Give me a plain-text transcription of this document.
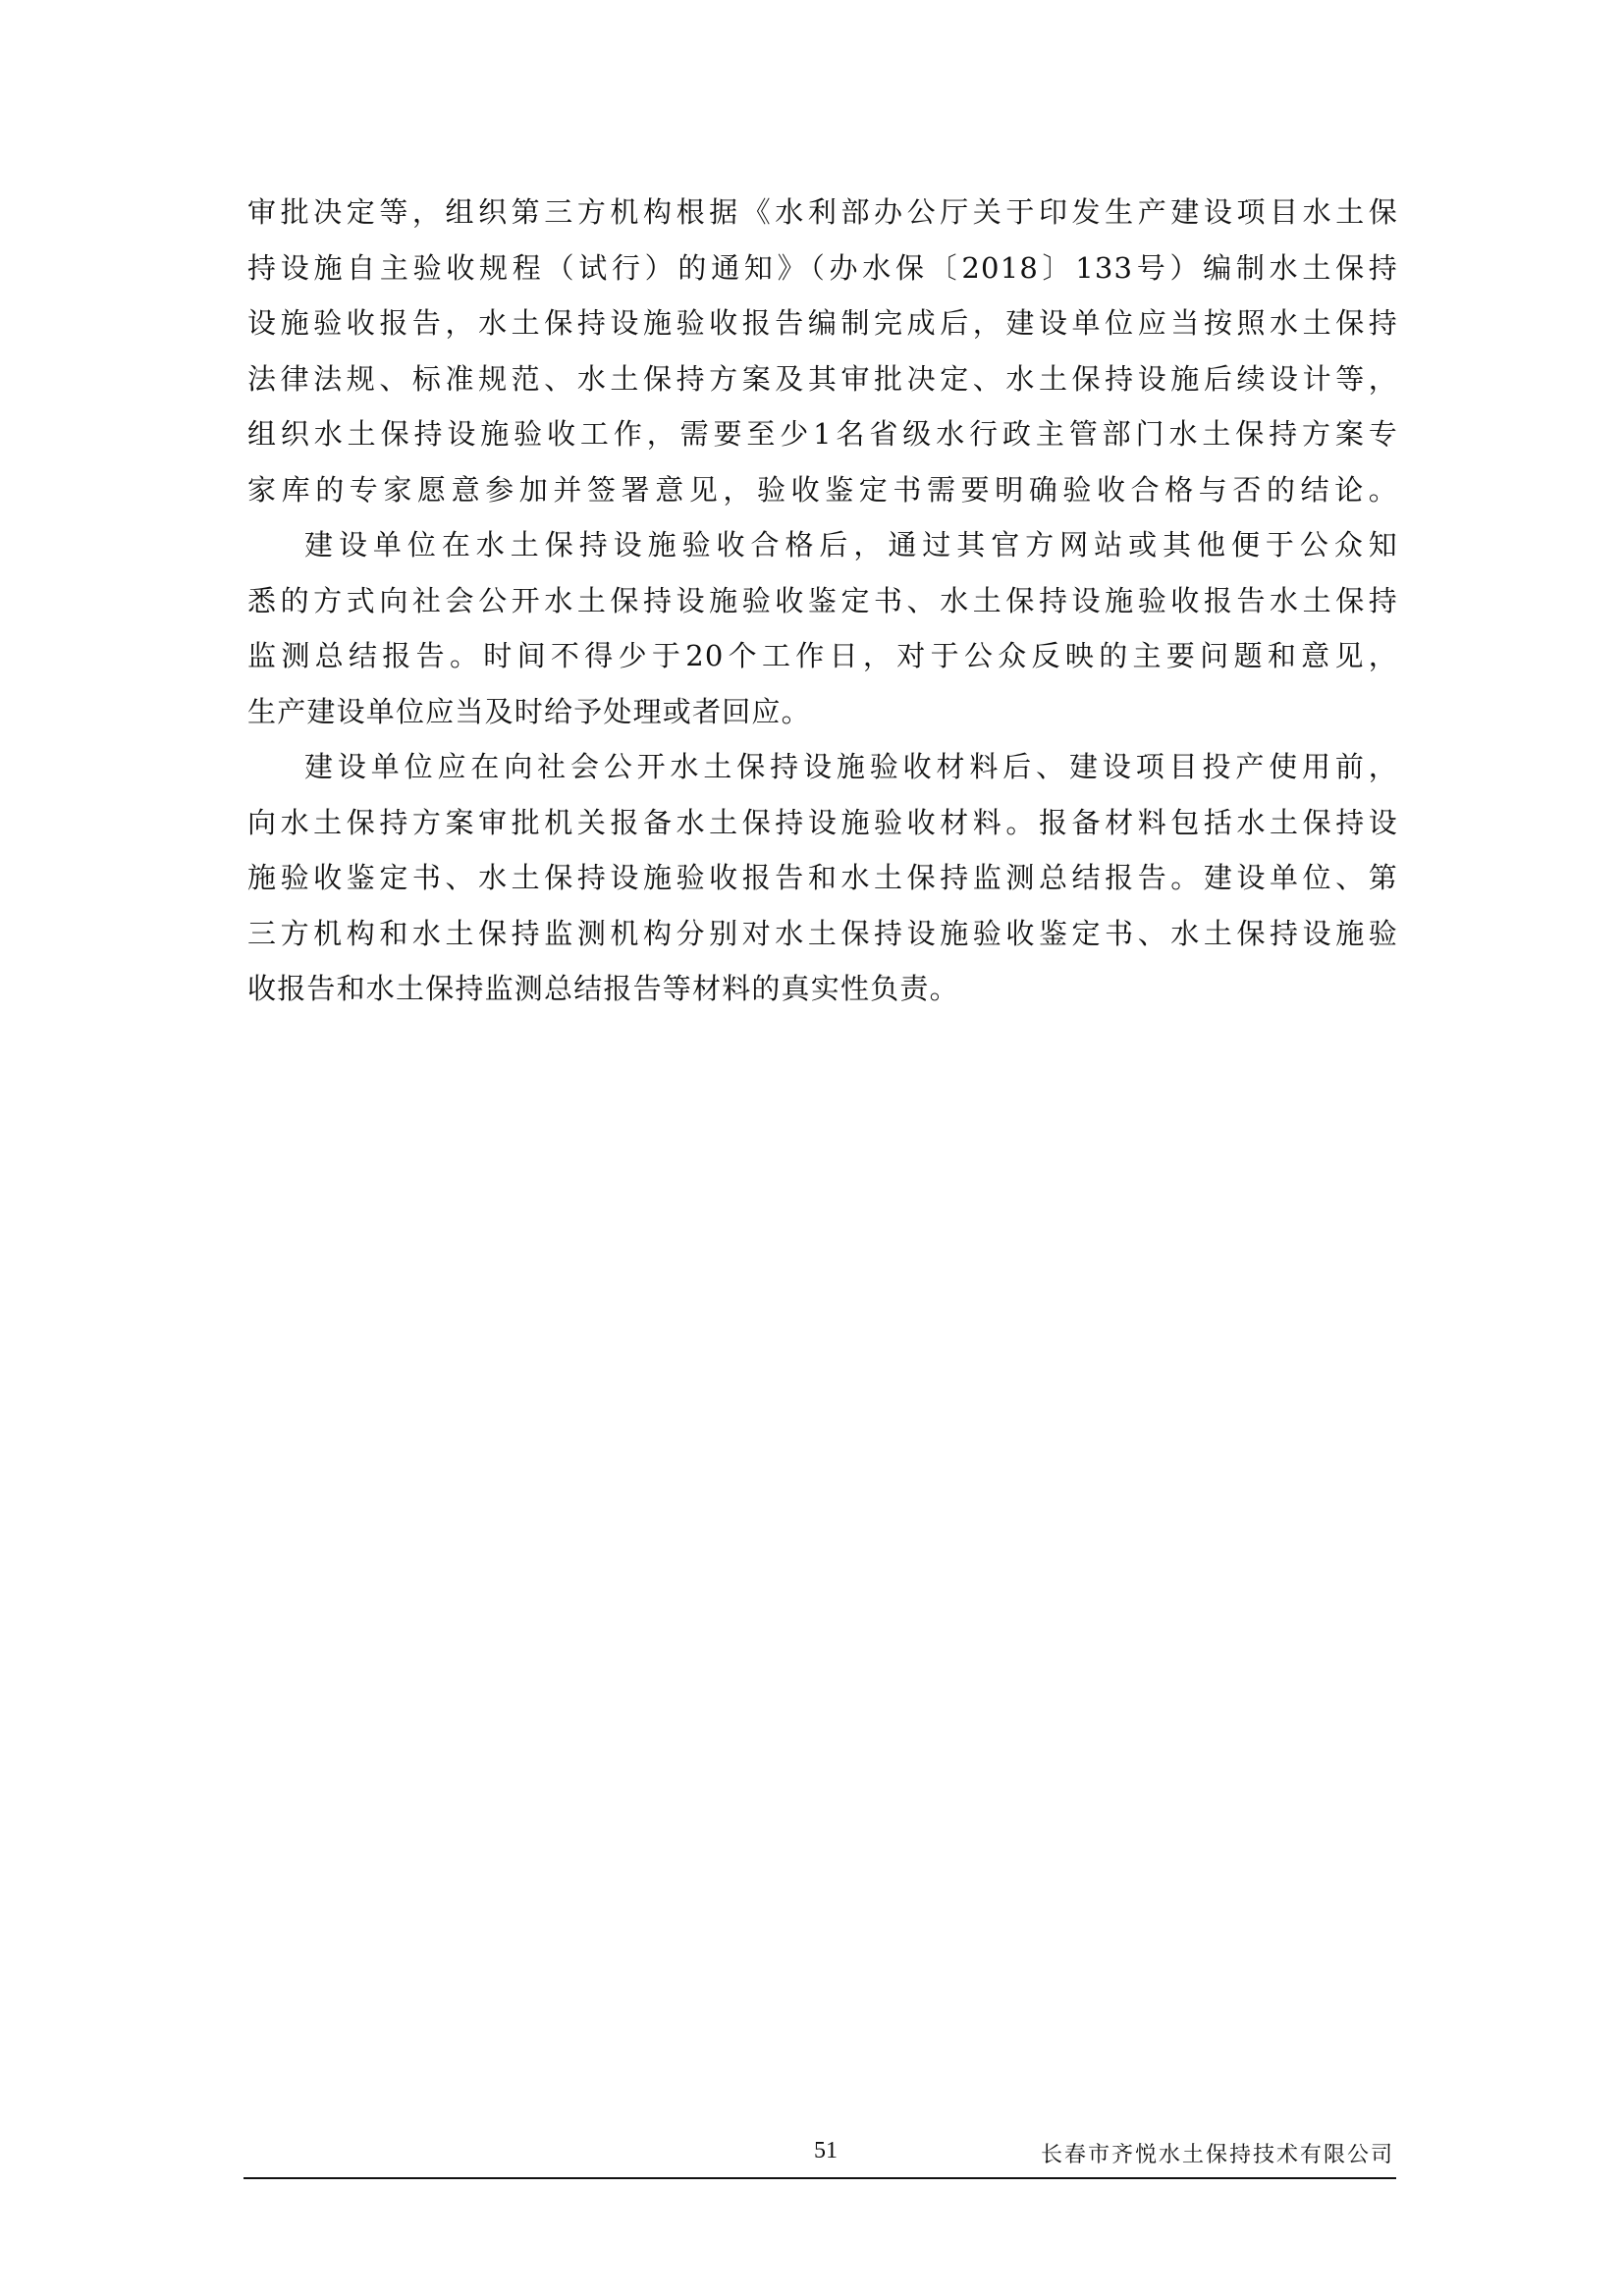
审批决定等，组织第三方机构根据《水利部办公厅关于印发生产建设项目水土保
持设施自主验收规程（试行）的通知》（办水保〔2018〕133号）编制水土保持
设施验收报告，水土保持设施验收报告编制完成后，建设单位应当按照水土保持
法律法规、标准规范、水土保持方案及其审批决定、水土保持设施后续设计等，
组织水土保持设施验收工作，需要至少1名省级水行政主管部门水土保持方案专
家库的专家愿意参加并签署意见，验收鉴定书需要明确验收合格与否的结论。

建设单位在水土保持设施验收合格后，通过其官方网站或其他便于公众知
悉的方式向社会公开水土保持设施验收鉴定书、水土保持设施验收报告水土保持
监测总结报告。时间不得少于20个工作日，对于公众反映的主要问题和意见，
生产建设单位应当及时给予处理或者回应。

建设单位应在向社会公开水土保持设施验收材料后、建设项目投产使用前，
向水土保持方案审批机关报备水土保持设施验收材料。报备材料包括水土保持设
施验收鉴定书、水土保持设施验收报告和水土保持监测总结报告。建设单位、第
三方机构和水土保持监测机构分别对水土保持设施验收鉴定书、水土保持设施验
收报告和水土保持监测总结报告等材料的真实性负责。

51	长春市齐悦水土保持技术有限公司
